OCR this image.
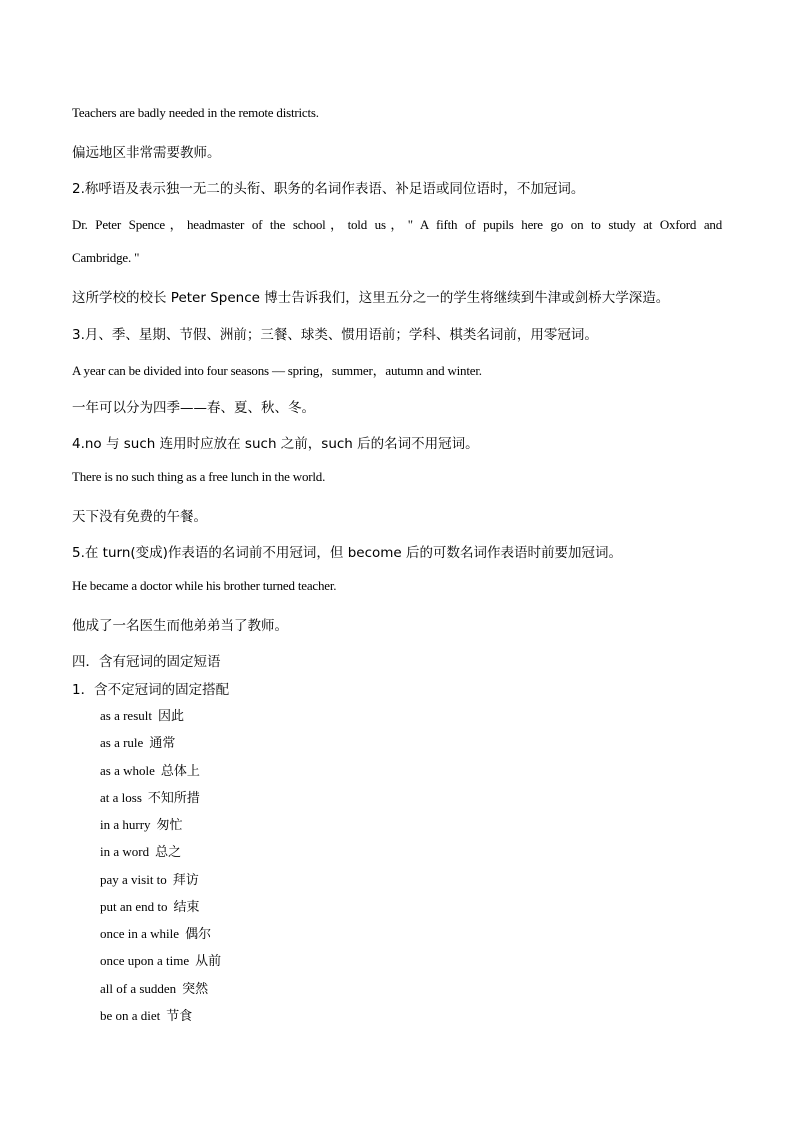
Teachers are badly needed in the remote districts.
偏远地区非常需要教师。
2.称呼语及表示独一无二的头衔、职务的名词作表语、补足语或同位语时，不加冠词。
Dr. Peter Spence，headmaster of the school，told us，" A fifth of pupils here go on to study at Oxford and
Cambridge. "
这所学校的校长 Peter Spence 博士告诉我们，这里五分之一的学生将继续到牛津或剑桥大学深造。
3.月、季、星期、节假、洲前；三餐、球类、惯用语前；学科、棋类名词前，用零冠词。
A year can be divided into four seasons — spring，summer，autumn and winter.
一年可以分为四季——春、夏、秋、冬。
4.no 与 such 连用时应放在 such 之前，such 后的名词不用冠词。
There is no such thing as a free lunch in the world.
天下没有免费的午餐。
5.在 turn(变成)作表语的名词前不用冠词，但 become 后的可数名词作表语时前要加冠词。
He became a doctor while his brother turned teacher.
他成了一名医生而他弟弟当了教师。
四．含有冠词的固定短语
1．含不定冠词的固定搭配
as a result 因此
as a rule 通常
as a whole 总体上
at a loss 不知所措
in a hurry 匆忙
in a word 总之
pay a visit to 拜访
put an end to 结束
once in a while 偶尔
once upon a time 从前
all of a sudden 突然
be on a diet 节食
